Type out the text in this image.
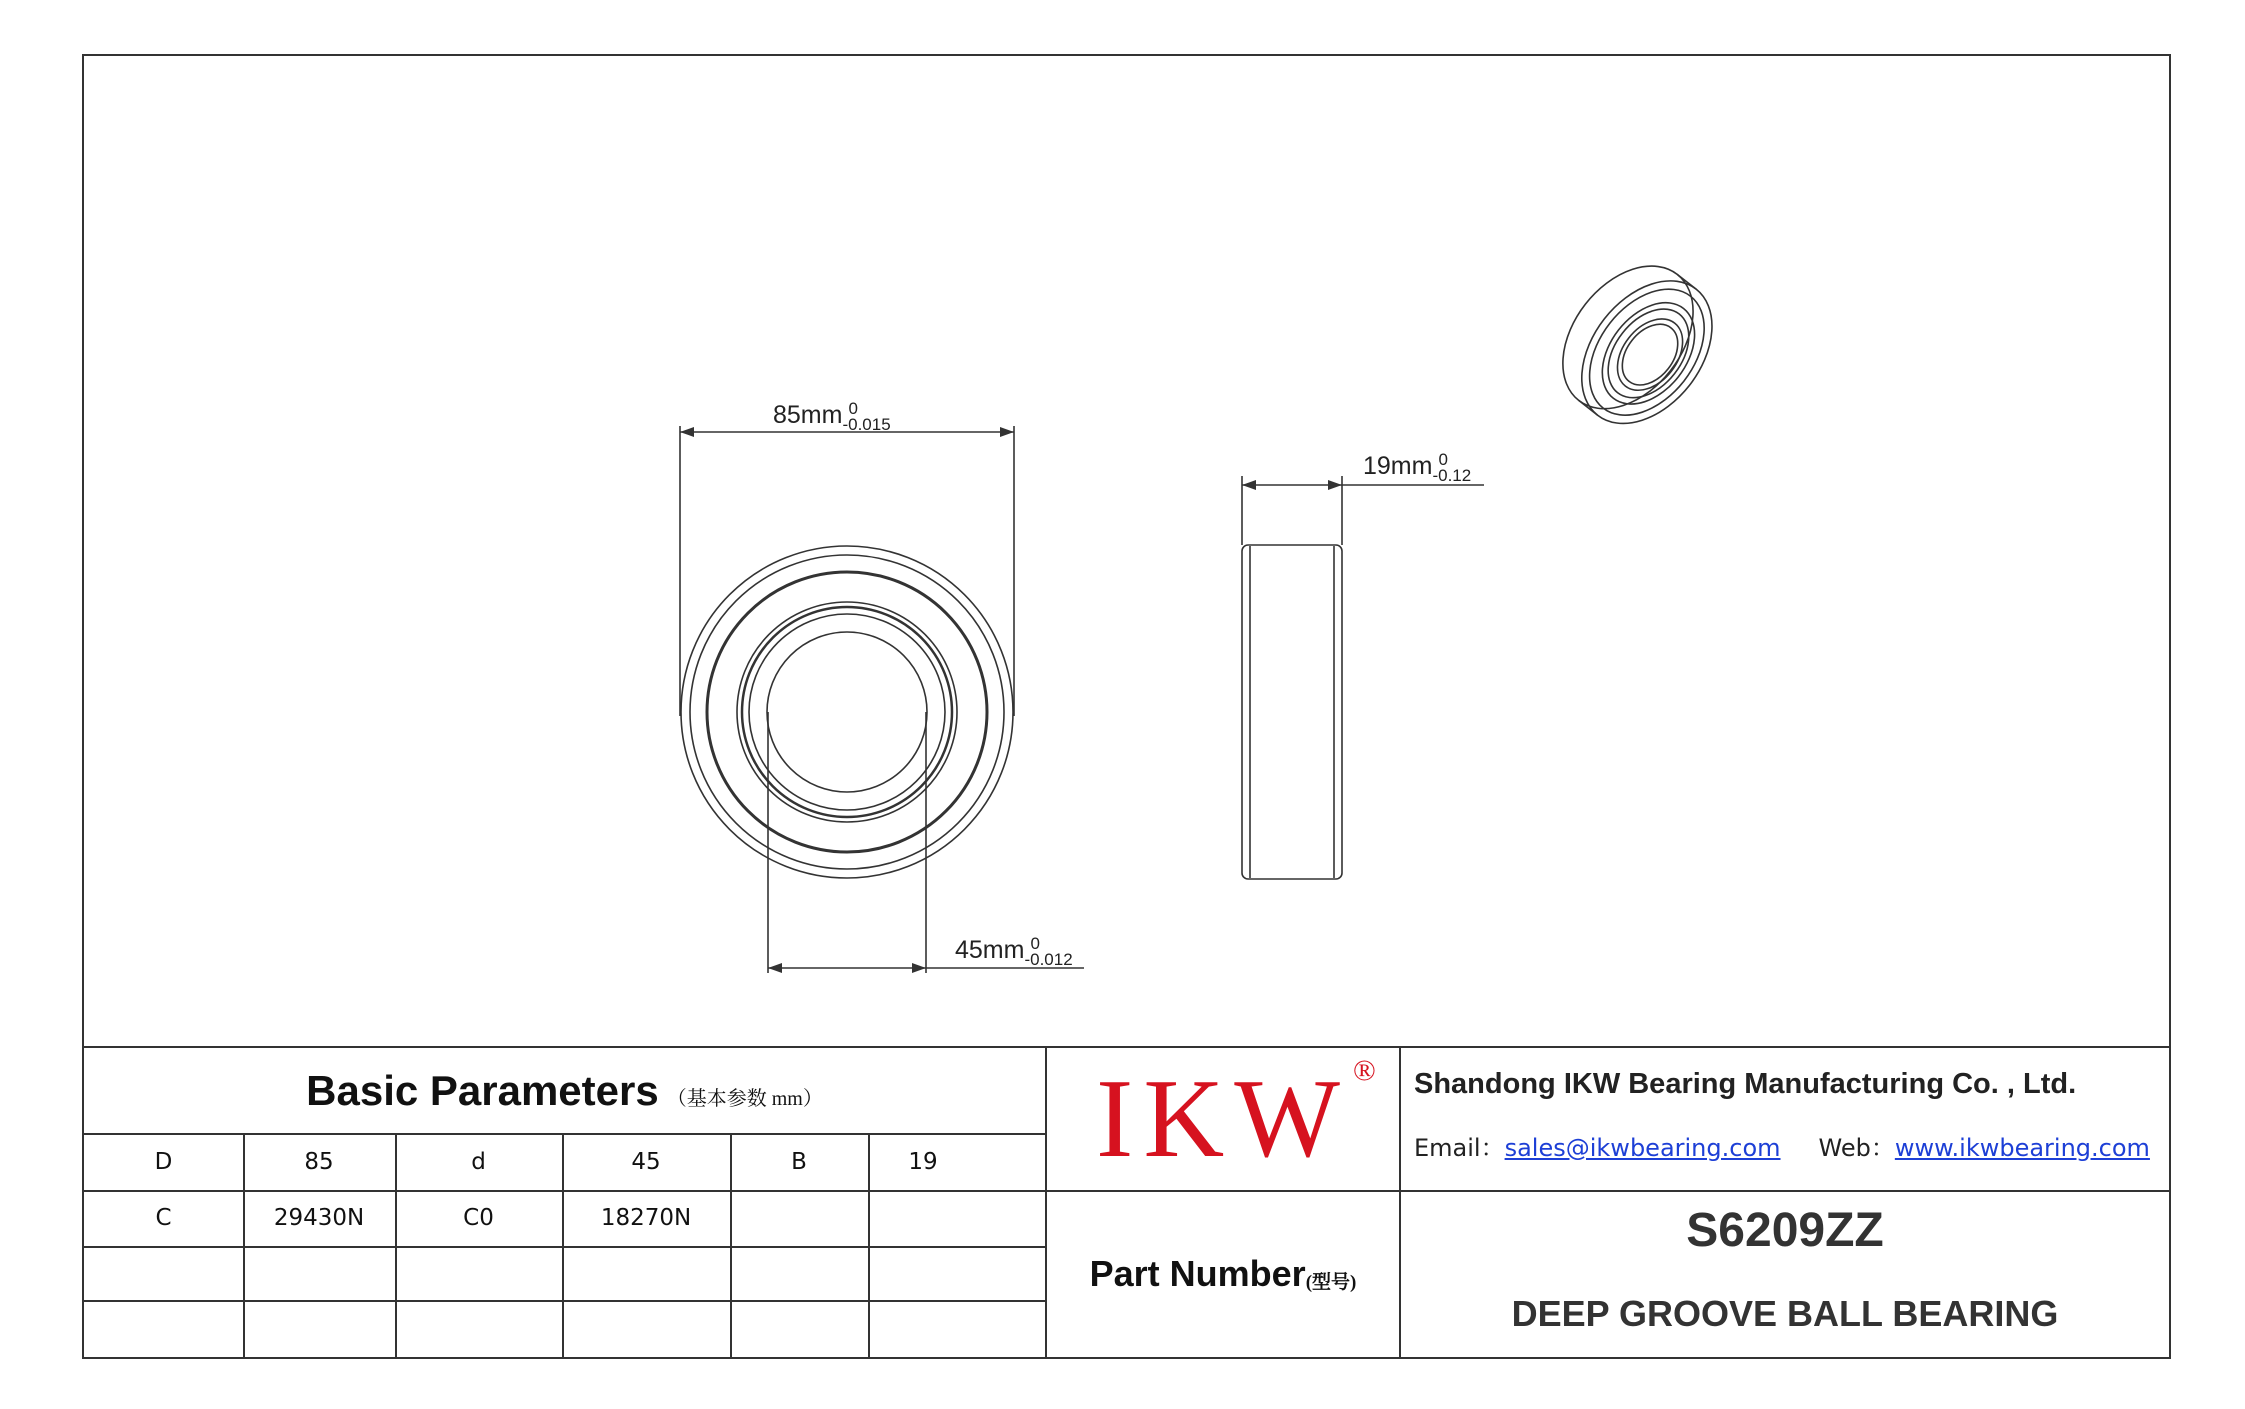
85mm 0
-0.015
19mm 0
-0.12
45mm 0
-0.012
Basic Parameters （基本参数 mm）
D	85	d	45	B	19
C	29430N	C0	18270N
IKW ®	Shandong IKW Bearing Manufacturing Co. , Ltd.
Email：sales@ikwbearing.com Web：www.ikwbearing.com
Part Number (型号)
S6209ZZ
DEEP GROOVE BALL BEARING
